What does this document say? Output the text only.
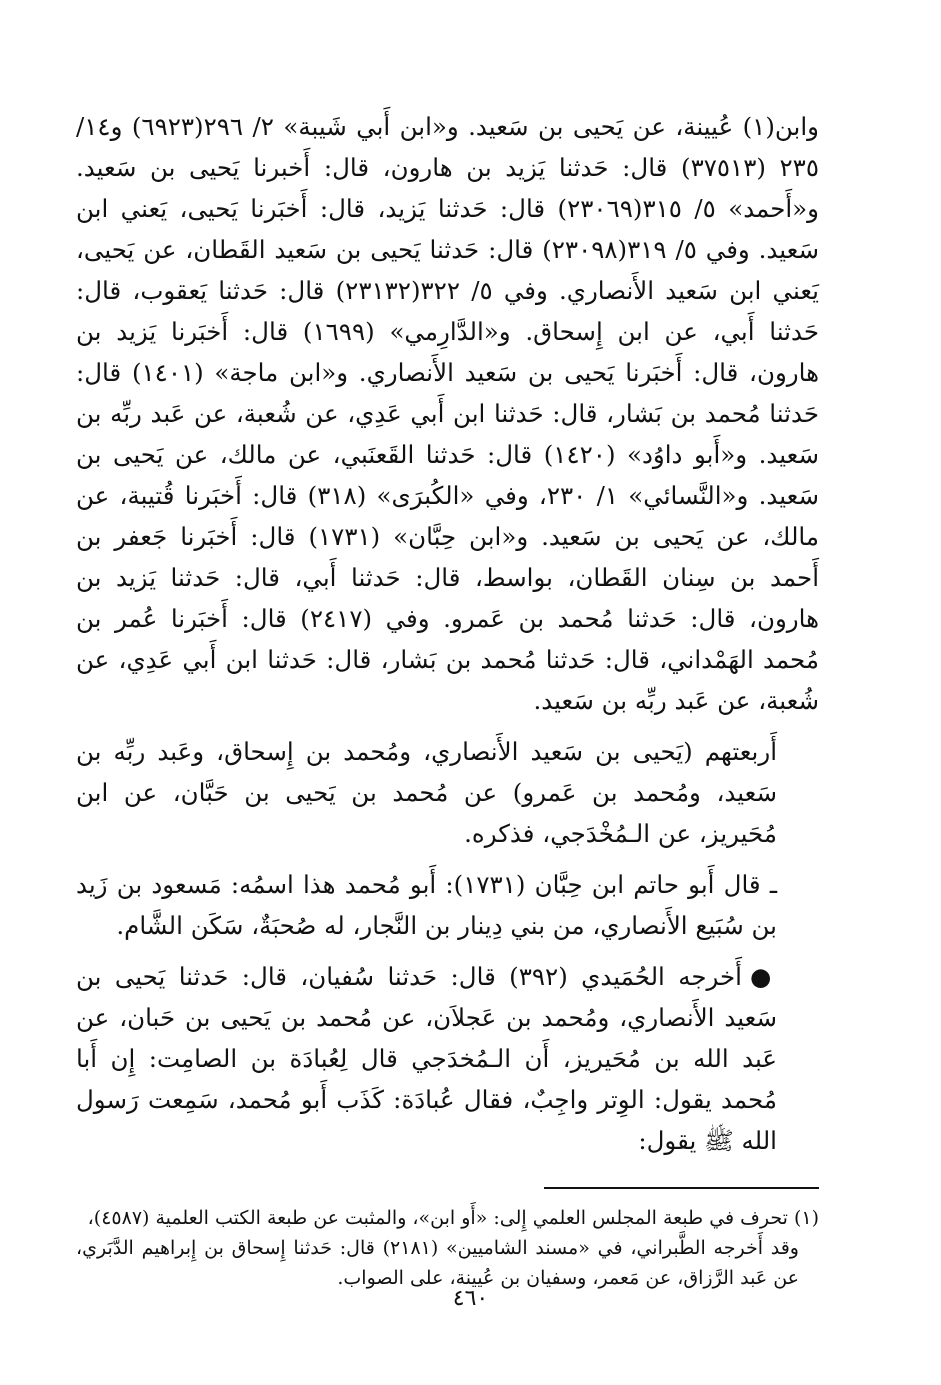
وابن(١) عُيينة، عن يَحيى بن سَعيد. و«ابن أَبي شَيبة» ٢/ ٢٩٦(٦٩٢٣) و١٤/ ٢٣٥ (٣٧٥١٣) قال: حَدثنا يَزيد بن هارون، قال: أَخبرنا يَحيى بن سَعيد. و«أَحمد» ٥/ ٣١٥(٢٣٠٦٩) قال: حَدثنا يَزيد، قال: أَخبَرنا يَحيى، يَعني ابن سَعيد. وفي ٥/ ٣١٩(٢٣٠٩٨) قال: حَدثنا يَحيى بن سَعيد القَطان، عن يَحيى، يَعني ابن سَعيد الأَنصاري. وفي ٥/ ٣٢٢(٢٣١٣٢) قال: حَدثنا يَعقوب، قال: حَدثنا أَبي، عن ابن إِسحاق. و«الدَّارِمي» (١٦٩٩) قال: أَخبَرنا يَزيد بن هارون، قال: أَخبَرنا يَحيى بن سَعيد الأَنصاري. و«ابن ماجة» (١٤٠١) قال: حَدثنا مُحمد بن بَشار، قال: حَدثنا ابن أَبي عَدِي، عن شُعبة، عن عَبد ربِّه بن سَعيد. و«أَبو داوُد» (١٤٢٠) قال: حَدثنا القَعنَبي، عن مالك، عن يَحيى بن سَعيد. و«النَّسائي» ١/ ٢٣٠، وفي «الكُبرَى» (٣١٨) قال: أَخبَرنا قُتيبة، عن مالك، عن يَحيى بن سَعيد. و«ابن حِبَّان» (١٧٣١) قال: أَخبَرنا جَعفر بن أَحمد بن سِنان القَطان، بواسط، قال: حَدثنا أَبي، قال: حَدثنا يَزيد بن هارون، قال: حَدثنا مُحمد بن عَمرو. وفي (٢٤١٧) قال: أَخبَرنا عُمر بن مُحمد الهَمْداني، قال: حَدثنا مُحمد بن بَشار، قال: حَدثنا ابن أَبي عَدِي، عن شُعبة، عن عَبد ربِّه بن سَعيد.

أَربعتهم (يَحيى بن سَعيد الأَنصاري، ومُحمد بن إِسحاق، وعَبد ربِّه بن سَعيد، ومُحمد بن عَمرو) عن مُحمد بن يَحيى بن حَبَّان، عن ابن مُحَيريز، عن الـمُخْدَجي، فذكره.

ـ قال أَبو حاتم ابن حِبَّان (١٧٣١): أَبو مُحمد هذا اسمُه: مَسعود بن زَيد بن سُبَيع الأَنصاري، من بني دِينار بن النَّجار، له صُحبَةٌ، سَكَن الشَّام.

●أَخرجه الحُمَيدي (٣٩٢) قال: حَدثنا سُفيان، قال: حَدثنا يَحيى بن سَعيد الأَنصاري، ومُحمد بن عَجلاَن، عن مُحمد بن يَحيى بن حَبان، عن عَبد الله بن مُحَيريز، أَن الـمُخدَجي قال لِعُبادَة بن الصامِت: إِن أَبا مُحمد يقول: الوِتر واجِبٌ، فقال عُبادَة: كَذَب أَبو مُحمد، سَمِعت رَسول الله ﷺ يقول:

(١) تحرف في طبعة المجلس العلمي إِلى: «أَو ابن»، والمثبت عن طبعة الكتب العلمية (٤٥٨٧)،

وقد أَخرجه الطَّبراني، في «مسند الشاميين» (٢١٨١) قال: حَدثنا إِسحاق بن إِبراهيم الدَّبَري، عن عَبد الرَّزاق، عن مَعمر، وسفيان بن عُيينة، على الصواب.

٤٦٠
